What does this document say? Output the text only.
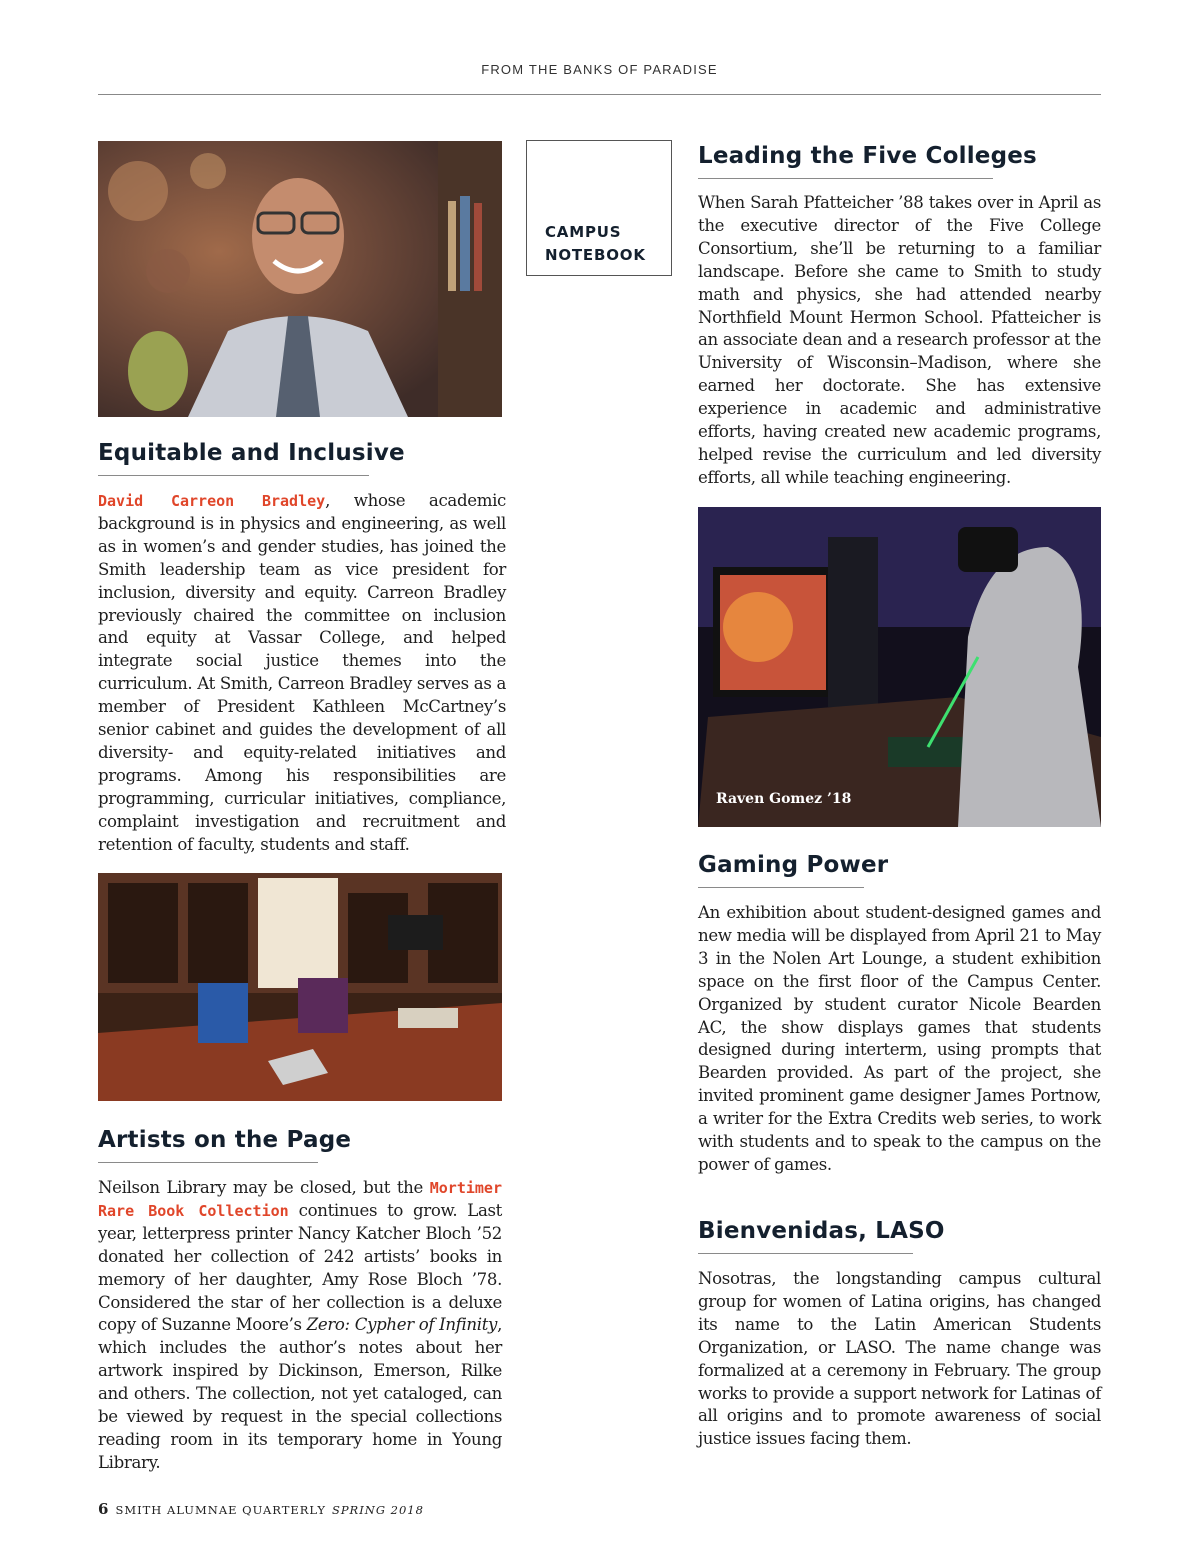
FROM THE BANKS OF PARADISE
Equitable and Inclusive

David Carreon Bradley, whose academic background is in physics and engineering, as well as in women’s and gender studies, has joined the Smith leadership team as vice president for inclusion, diversity and equity. Carreon Bradley previously chaired the committee on inclusion and equity at Vassar College, and helped integrate social justice themes into the curriculum. At Smith, Carreon Bradley serves as a member of President Kathleen McCartney’s senior cabinet and guides the development of all diversity- and equity-related initiatives and programs. Among his responsibilities are programming, curricular initiatives, compliance, complaint investigation and recruitment and retention of faculty, students and staff.

Artists on the Page

Neilson Library may be closed, but the Mortimer Rare Book Collection continues to grow. Last year, letterpress printer Nancy Katcher Bloch ’52 donated her collection of 242 artists’ books in memory of her daughter, Amy Rose Bloch ’78. Considered the star of her collection is a deluxe copy of Suzanne Moore’s Zero: Cypher of Infinity, which includes the author’s notes about her artwork inspired by Dickinson, Emerson, Rilke and others. The collection, not yet cataloged, can be viewed by request in the special collections reading room in its temporary home in Young Library.

CAMPUS
NOTEBOOK
Leading the Five Colleges

When Sarah Pfatteicher ’88 takes over in April as the executive director of the Five College Consortium, she’ll be returning to a familiar landscape. Before she came to Smith to study math and physics, she had attended nearby Northfield Mount Hermon School. Pfatteicher is an associate dean and a research professor at the University of Wisconsin–Madison, where she earned her doctorate. She has extensive experience in academic and administrative efforts, having created new academic programs, helped revise the curriculum and led diversity efforts, all while teaching engineering.

Raven Gomez ’18
Gaming Power

An exhibition about student-designed games and new media will be displayed from April 21 to May 3 in the Nolen Art Lounge, a student exhibition space on the first floor of the Campus Center. Organized by student curator Nicole Bearden AC, the show displays games that students designed during interterm, using prompts that Bearden provided. As part of the project, she invited prominent game designer James Portnow, a writer for the Extra Credits web series, to work with students and to speak to the campus on the power of games.

Bienvenidas, LASO

Nosotras, the longstanding campus cultural group for women of Latina origins, has changed its name to the Latin American Students Organization, or LASO. The name change was formalized at a ceremony in February. The group works to provide a support network for Latinas of all origins and to promote awareness of social justice issues facing them.

6 SMITH ALUMNAE QUARTERLY SPRING 2018
